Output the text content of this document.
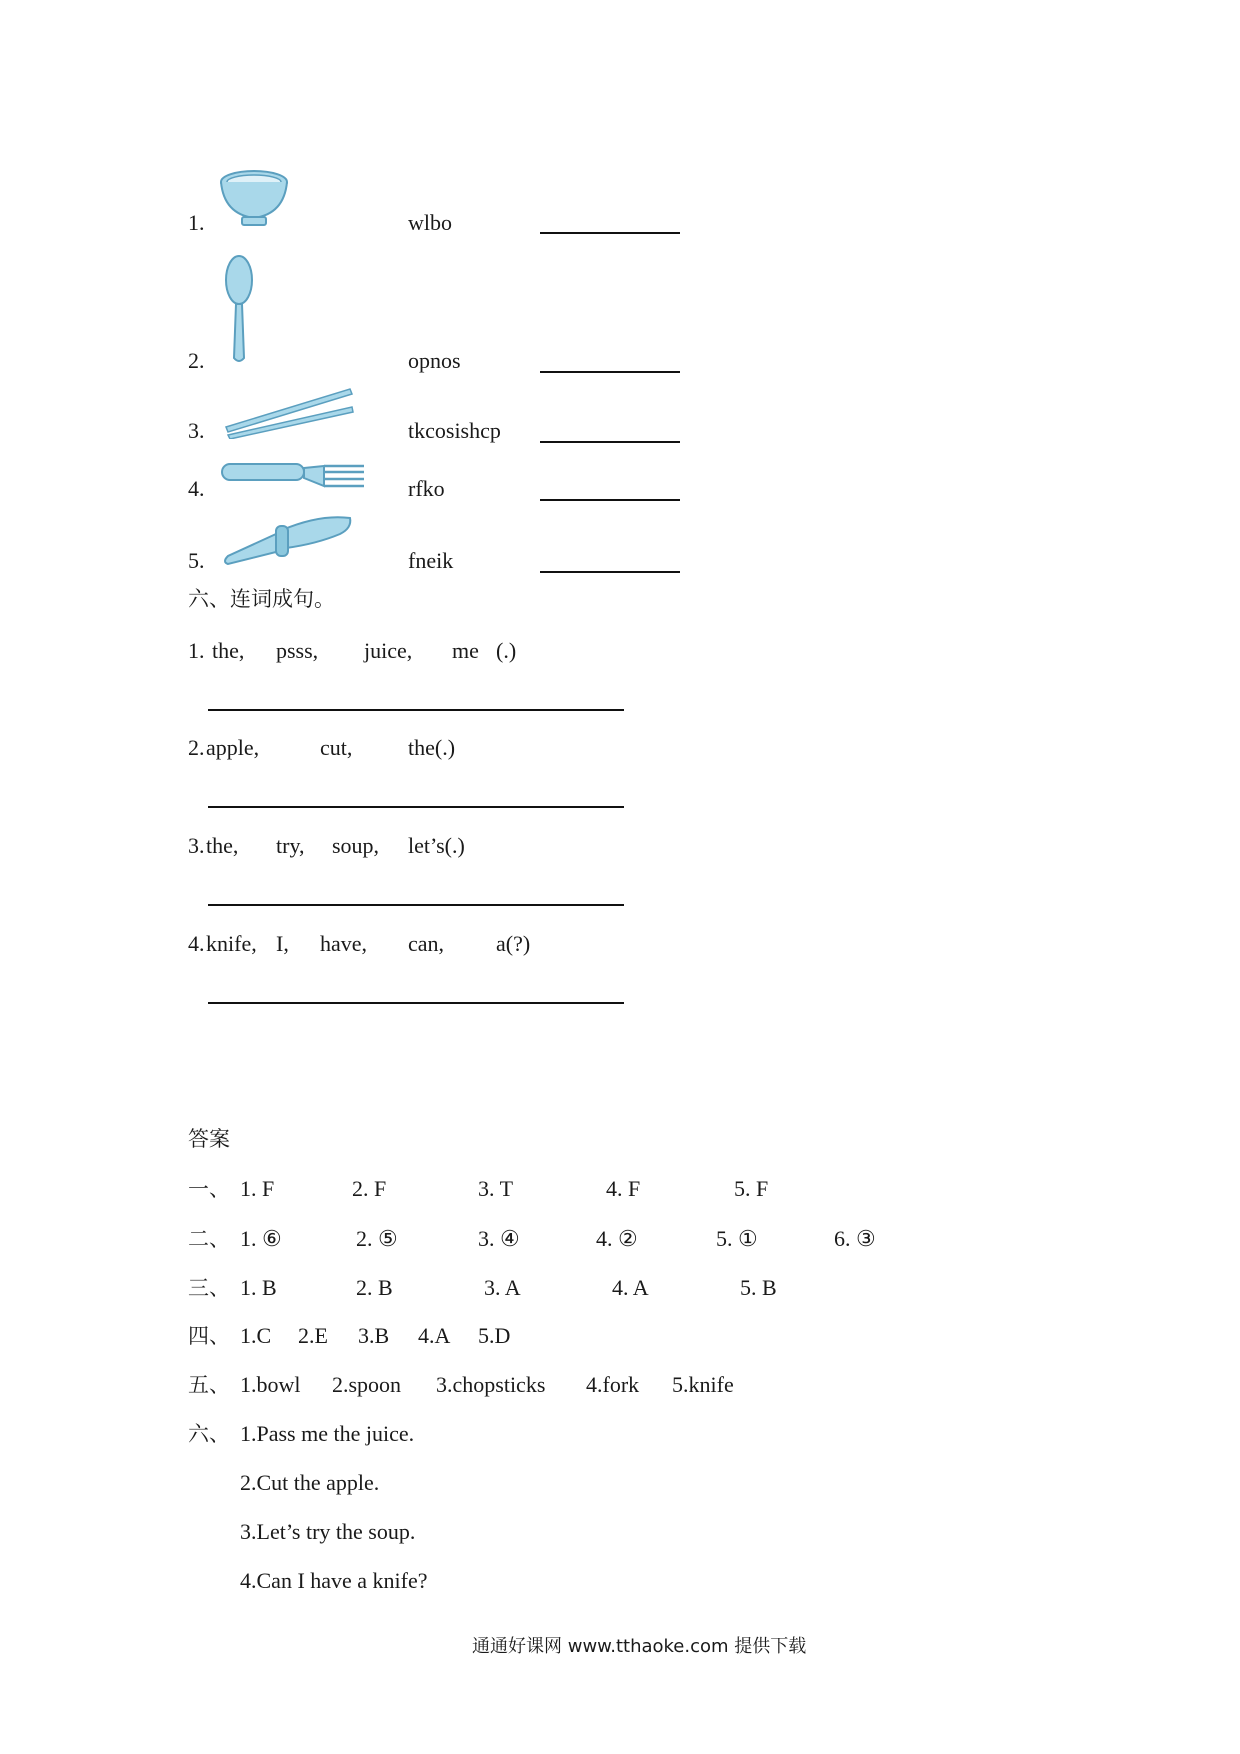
1.	wlbo
2.	opnos
3.	tkcosishcp
4.	rfko
5.	fneik
六、连词成句。
1. the, psss, juice, me (.)
2. apple,	cut,	the(.)
3. the, try, soup, let’s(.)
4. knife, I, have, can, a(?)
答案
一、 1. F	2. F	3. T	4. F	5. F
二、 1. ⑥	2. ⑤	3. ④	4. ②	5. ①	6. ③
三、 1. B	2. B	3. A	4. A	5. B
四、 1.C 2.E 3.B 4.A 5.D
五、 1.bowl 2.spoon 3.chopsticks 4.fork 5.knife
六、 1.Pass me the juice.
2.Cut the apple.
3.Let’s try the soup.
4.Can I have a knife?
通通好课网 www.tthaoke.com 提供下载
